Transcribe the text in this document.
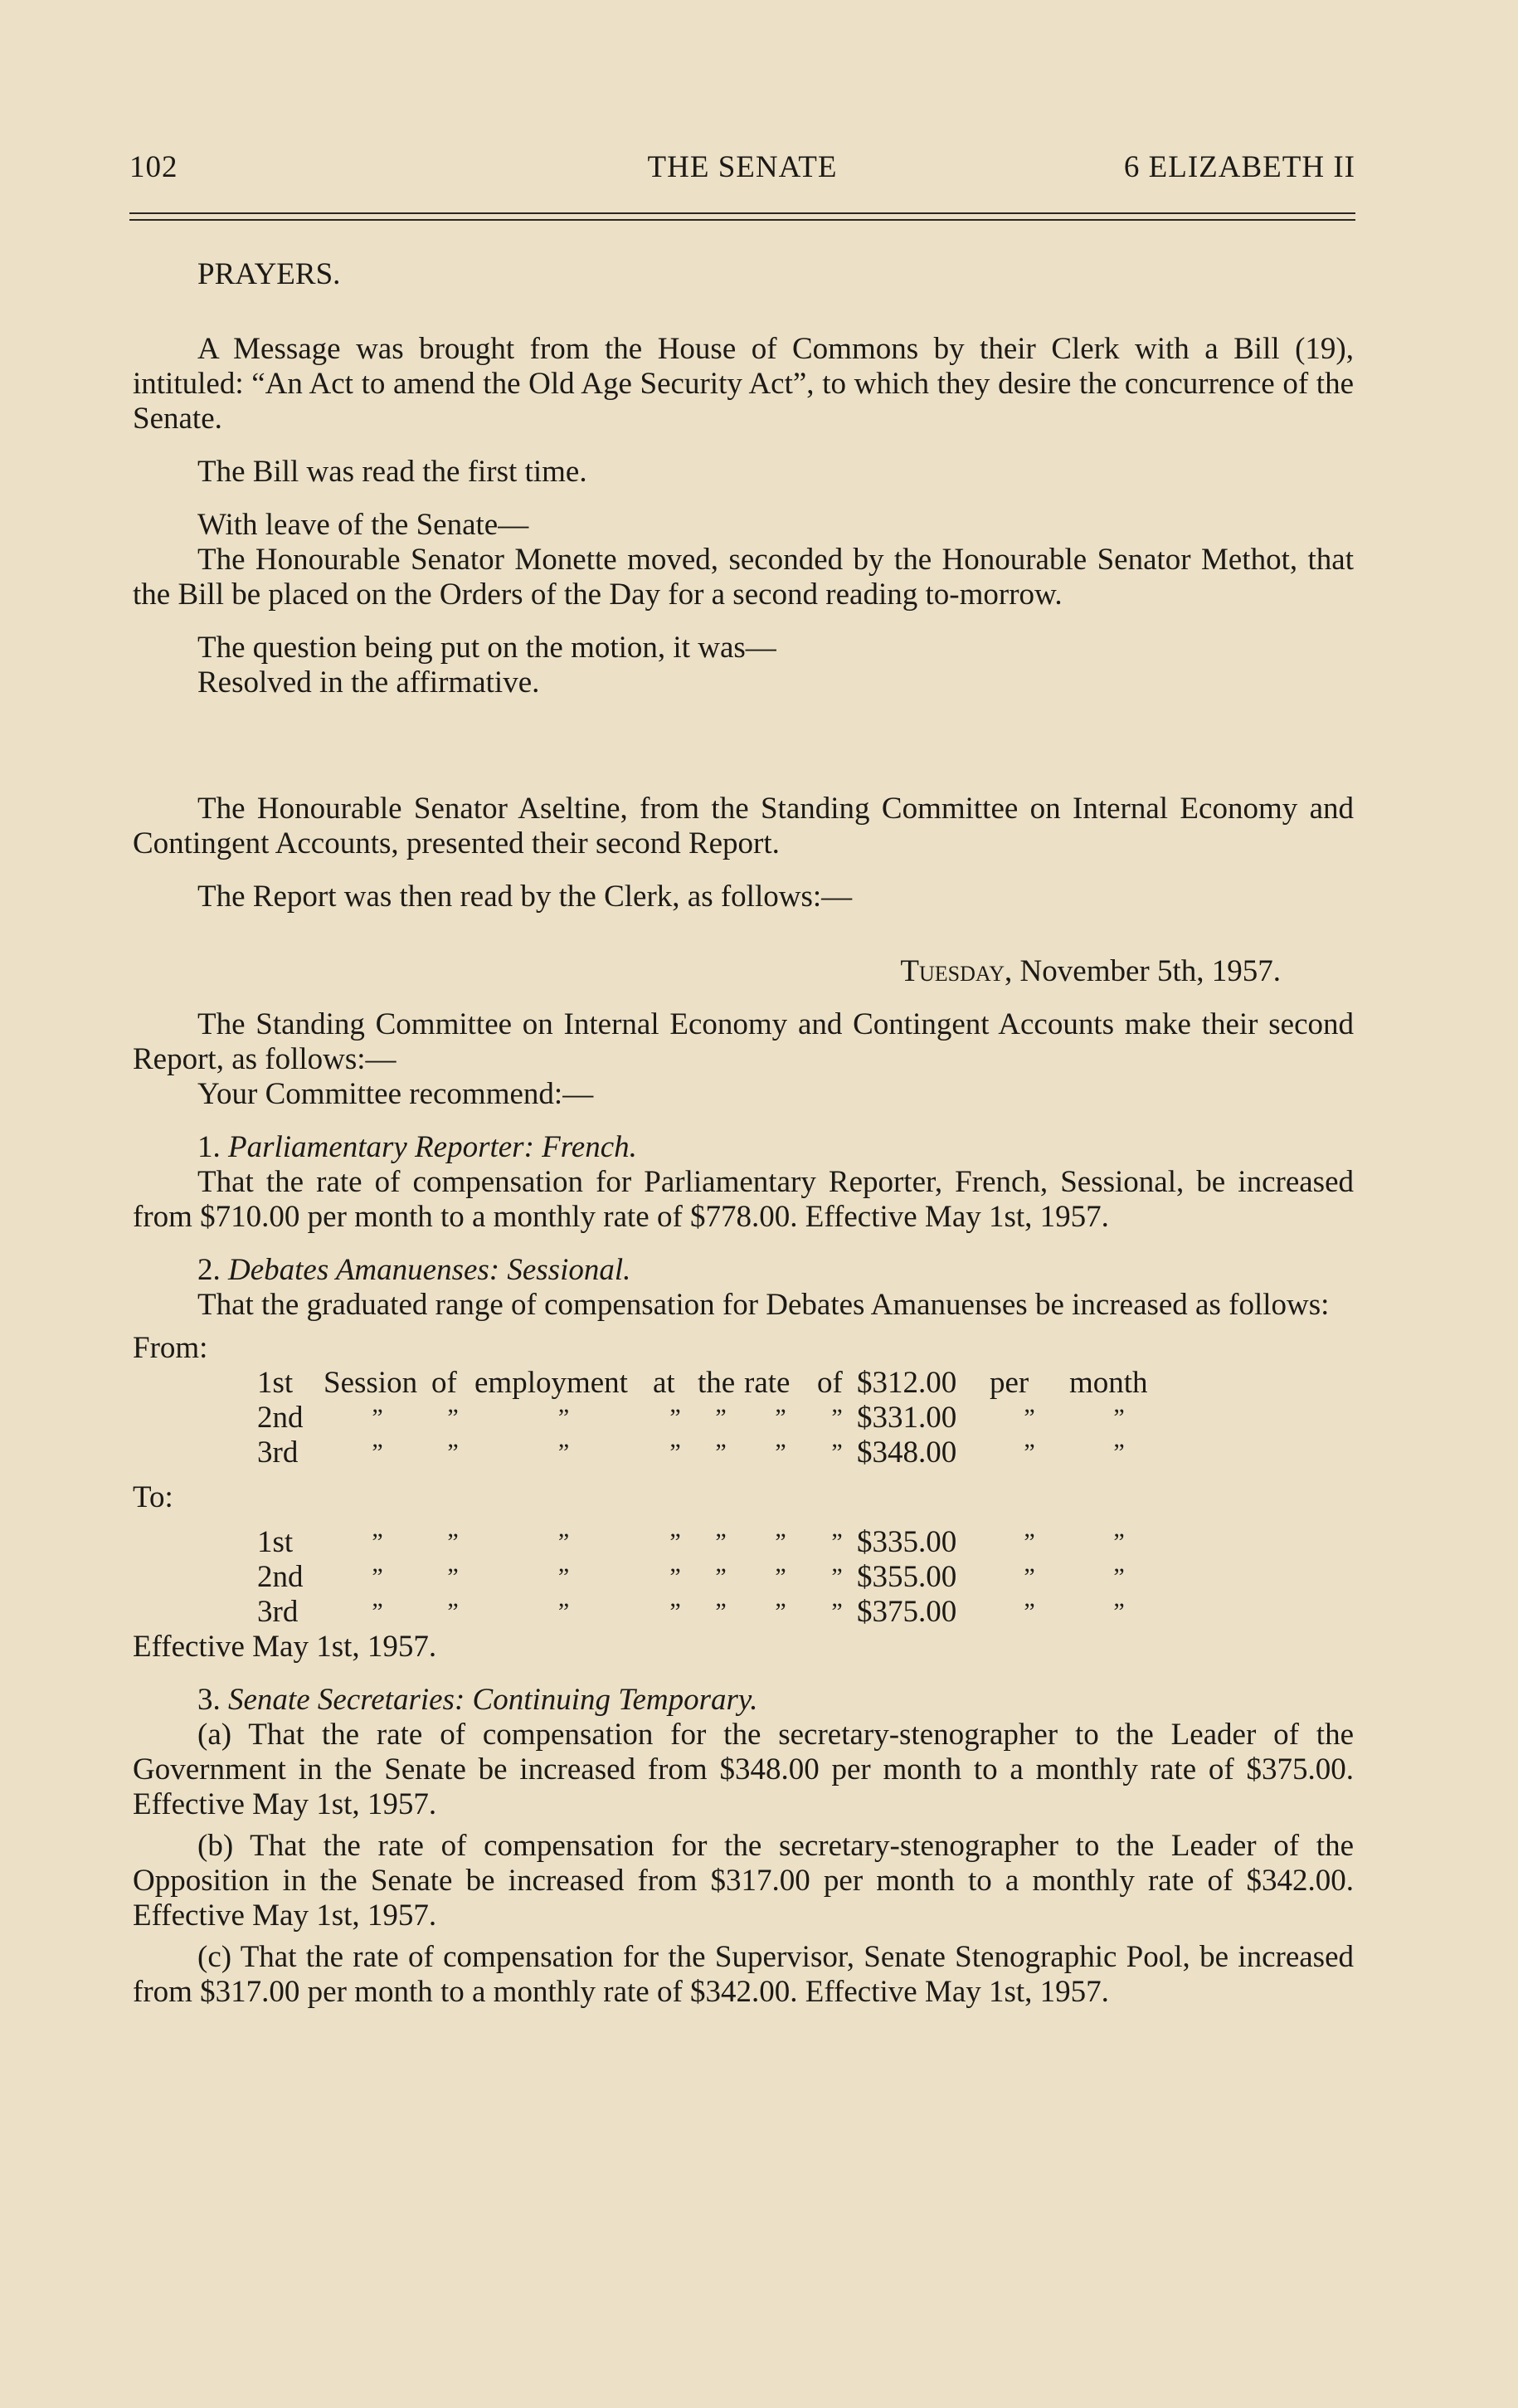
102	THE SENATE	6 ELIZABETH II

PRAYERS.

A Message was brought from the House of Commons by their Clerk with a Bill (19), intituled: “An Act to amend the Old Age Security Act”, to which they desire the concurrence of the Senate.

The Bill was read the first time.

With leave of the Senate—

The Honourable Senator Monette moved, seconded by the Honourable Senator Methot, that the Bill be placed on the Orders of the Day for a second reading to-morrow.

The question being put on the motion, it was—

Resolved in the affirmative.

The Honourable Senator Aseltine, from the Standing Committee on Internal Economy and Contingent Accounts, presented their second Report.

The Report was then read by the Clerk, as follows:—

Tuesday, November 5th, 1957.

The Standing Committee on Internal Economy and Contingent Accounts make their second Report, as follows:—

Your Committee recommend:—

1. Parliamentary Reporter: French.

That the rate of compensation for Parliamentary Reporter, French, Sessional, be increased from $710.00 per month to a monthly rate of $778.00. Effective May 1st, 1957.

2. Debates Amanuenses: Sessional.

That the graduated range of compensation for Debates Amanuenses be increased as follows:

From:

1st	Session	of	employment	at	the	rate	of	$312.00	per	month
2nd	”	”	”	”	”	”	”	$331.00	”	”
3rd	”	”	”	”	”	”	”	$348.00	”	”

To:

1st	”	”	”	”	”	”	”	$335.00	”	”
2nd	”	”	”	”	”	”	”	$355.00	”	”
3rd	”	”	”	”	”	”	”	$375.00	”	”

Effective May 1st, 1957.

3. Senate Secretaries: Continuing Temporary.

(a) That the rate of compensation for the secretary-stenographer to the Leader of the Government in the Senate be increased from $348.00 per month to a monthly rate of $375.00. Effective May 1st, 1957.

(b) That the rate of compensation for the secretary-stenographer to the Leader of the Opposition in the Senate be increased from $317.00 per month to a monthly rate of $342.00. Effective May 1st, 1957.

(c) That the rate of compensation for the Supervisor, Senate Stenographic Pool, be increased from $317.00 per month to a monthly rate of $342.00. Effective May 1st, 1957.
